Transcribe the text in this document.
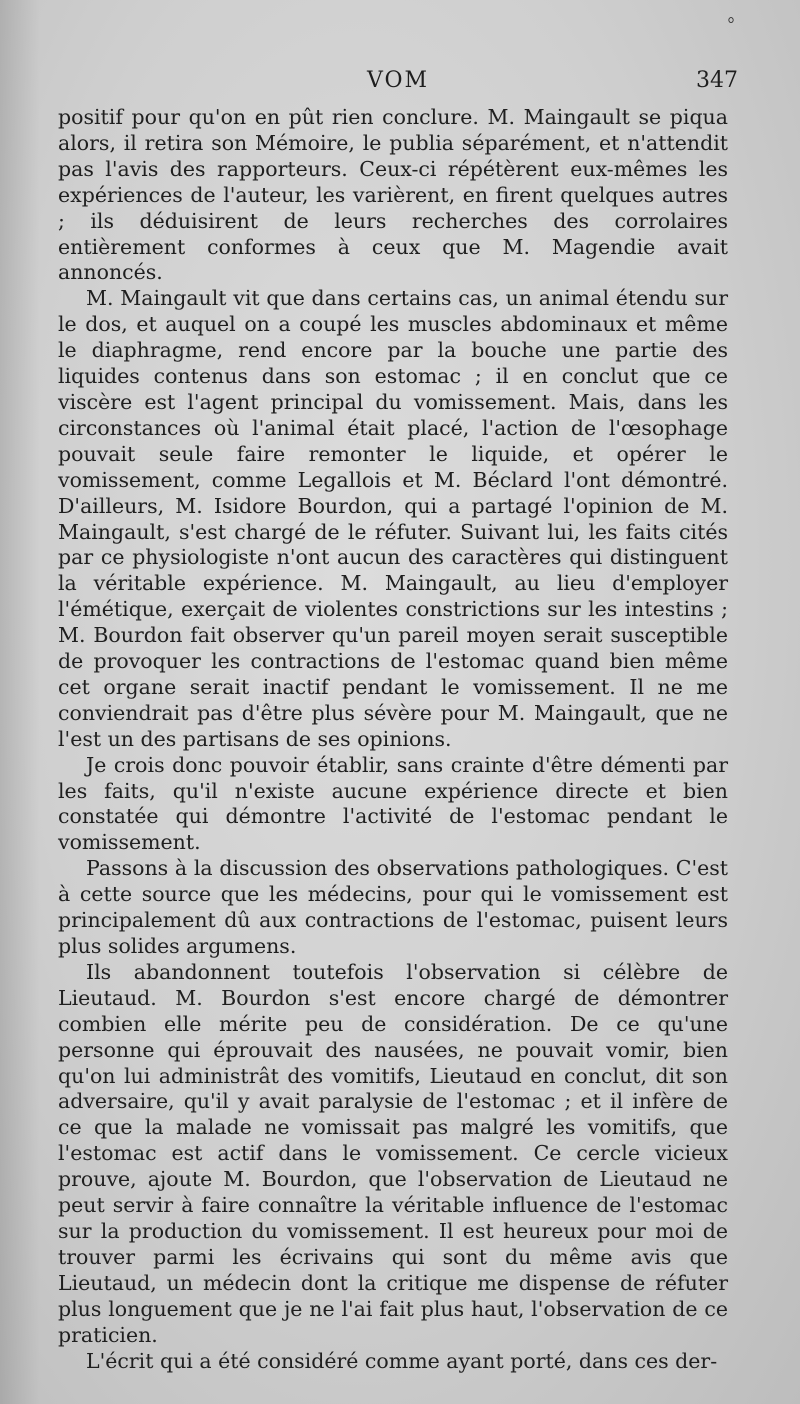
ﾟ
VOM	347

positif pour qu'on en pût rien conclure. M. Maingault se piqua alors, il retira son Mémoire, le publia séparément, et n'attendit pas l'avis des rapporteurs. Ceux-ci répétèrent eux-mêmes les expériences de l'auteur, les varièrent, en firent quelques autres ; ils déduisirent de leurs recherches des corrolaires entièrement conformes à ceux que M. Magendie avait annoncés.

M. Maingault vit que dans certains cas, un animal étendu sur le dos, et auquel on a coupé les muscles abdominaux et même le diaphragme, rend encore par la bouche une partie des liquides contenus dans son estomac ; il en conclut que ce viscère est l'agent principal du vomissement. Mais, dans les circonstances où l'animal était placé, l'action de l'œsophage pouvait seule faire remonter le liquide, et opérer le vomissement, comme Legallois et M. Béclard l'ont démontré. D'ailleurs, M. Isidore Bourdon, qui a partagé l'opinion de M. Maingault, s'est chargé de le réfuter. Suivant lui, les faits cités par ce physiologiste n'ont aucun des caractères qui distinguent la véritable expérience. M. Maingault, au lieu d'employer l'émétique, exerçait de violentes constrictions sur les intestins ; M. Bourdon fait observer qu'un pareil moyen serait susceptible de provoquer les contractions de l'estomac quand bien même cet organe serait inactif pendant le vomissement. Il ne me conviendrait pas d'être plus sévère pour M. Maingault, que ne l'est un des partisans de ses opinions.

Je crois donc pouvoir établir, sans crainte d'être démenti par les faits, qu'il n'existe aucune expérience directe et bien constatée qui démontre l'activité de l'estomac pendant le vomissement.

Passons à la discussion des observations pathologiques. C'est à cette source que les médecins, pour qui le vomissement est principalement dû aux contractions de l'estomac, puisent leurs plus solides argumens.

Ils abandonnent toutefois l'observation si célèbre de Lieutaud. M. Bourdon s'est encore chargé de démontrer combien elle mérite peu de considération. De ce qu'une personne qui éprouvait des nausées, ne pouvait vomir, bien qu'on lui administrât des vomitifs, Lieutaud en conclut, dit son adversaire, qu'il y avait paralysie de l'estomac ; et il infère de ce que la malade ne vomissait pas malgré les vomitifs, que l'estomac est actif dans le vomissement. Ce cercle vicieux prouve, ajoute M. Bourdon, que l'observation de Lieutaud ne peut servir à faire connaître la véritable influence de l'estomac sur la production du vomissement. Il est heureux pour moi de trouver parmi les écrivains qui sont du même avis que Lieutaud, un médecin dont la critique me dispense de réfuter plus longuement que je ne l'ai fait plus haut, l'observation de ce praticien.

L'écrit qui a été considéré comme ayant porté, dans ces der-
